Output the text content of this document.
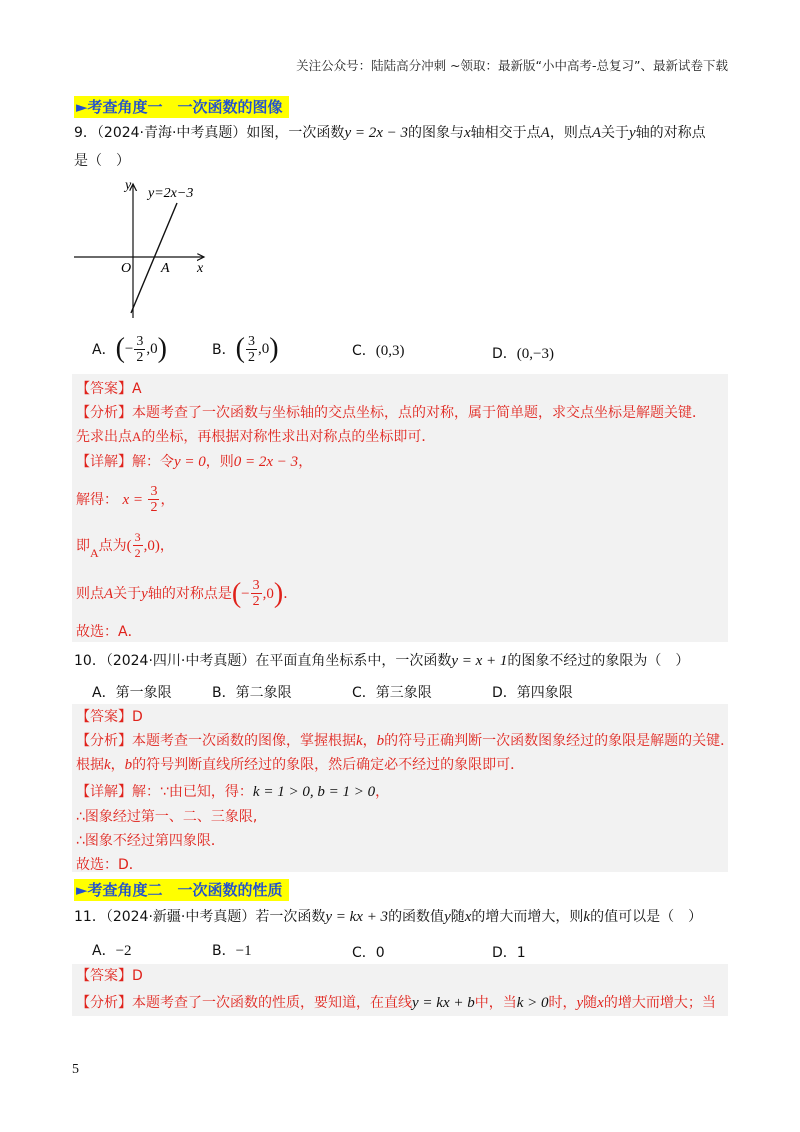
关注公众号：陆陆高分冲刺 ~领取：最新版“小中高考-总复习”、最新试卷下载
►考查角度一　一次函数的图像
9．（2024·青海·中考真题）如图，一次函数y = 2x − 3的图象与x轴相交于点A，则点A关于y轴的对称点
是（　）
y
y=2x−3
x
O A
A． ( − $\frac{3}{2} ,0$ )	B． ( $\frac{3}{2} ,0$ )	C．(0,3)	D．(0,−3)
【答案】A
【分析】本题考查了一次函数与坐标轴的交点坐标，点的对称，属于简单题，求交点坐标是解题关键．
先求出点A的坐标，再根据对称性求出对称点的坐标即可．
【详解】解：令y = 0，则0 = 2x − 3，
解得：
x =
$\frac{3}{2}$ ，
即 A 点为 ( $\frac{3}{2} ,0$) ，
则点 A 关于 y 轴的对称点是 ( − $\frac{3}{2} ,0$ ) ．
故选：A．
10．（2024·四川·中考真题）在平面直角坐标系中，一次函数y = x + 1的图象不经过的象限为（　）
A．第一象限	B．第二象限	C．第三象限	D．第四象限
【答案】D
【分析】本题考查一次函数的图像，掌握根据k，b的符号正确判断一次函数图象经过的象限是解题的关键．
根据k，b的符号判断直线所经过的象限，然后确定必不经过的象限即可．
【详解】解：∵由已知，得：k = 1 > 0, b = 1 > 0，
∴图象经过第一、二、三象限,
∴图象不经过第四象限．
故选：D．
►考查角度二　一次函数的性质
11．（2024·新疆·中考真题）若一次函数y = kx + 3的函数值y随x的增大而增大，则k的值可以是（　）
A．−2	B．−1	C．0	D．1
【答案】D
【分析】本题考查了一次函数的性质，要知道，在直线y = kx + b中，当k > 0时，y随x的增大而增大；当
5
